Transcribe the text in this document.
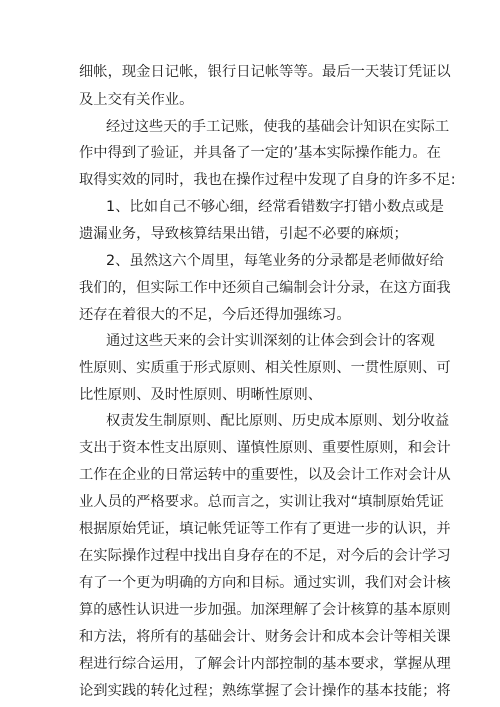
细帐，现金日记帐，银行日记帐等等。最后一天装订凭证以

及上交有关作业。

经过这些天的手工记账，使我的基础会计知识在实际工

作中得到了验证，并具备了一定的’基本实际操作能力。在

取得实效的同时，我也在操作过程中发现了自身的许多不足:

1、比如自己不够心细，经常看错数字打错小数点或是

遗漏业务，导致核算结果出错，引起不必要的麻烦；

2、虽然这六个周里，每笔业务的分录都是老师做好给

我们的，但实际工作中还须自己编制会计分录，在这方面我

还存在着很大的不足，今后还得加强练习。

通过这些天来的会计实训深刻的让体会到会计的客观

性原则、实质重于形式原则、相关性原则、一贯性原则、可

比性原则、及时性原则、明晰性原则、

权责发生制原则、配比原则、历史成本原则、划分收益

支出于资本性支出原则、谨慎性原则、重要性原则，和会计

工作在企业的日常运转中的重要性，以及会计工作对会计从

业人员的严格要求。总而言之，实训让我对“填制原始凭证

根据原始凭证，填记帐凭证等工作有了更进一步的认识，并

在实际操作过程中找出自身存在的不足，对今后的会计学习

有了一个更为明确的方向和目标。通过实训，我们对会计核

算的感性认识进一步加强。加深理解了会计核算的基本原则

和方法，将所有的基础会计、财务会计和成本会计等相关课

程进行综合运用，了解会计内部控制的基本要求，掌握从理

论到实践的转化过程；熟练掌握了会计操作的基本技能；将
